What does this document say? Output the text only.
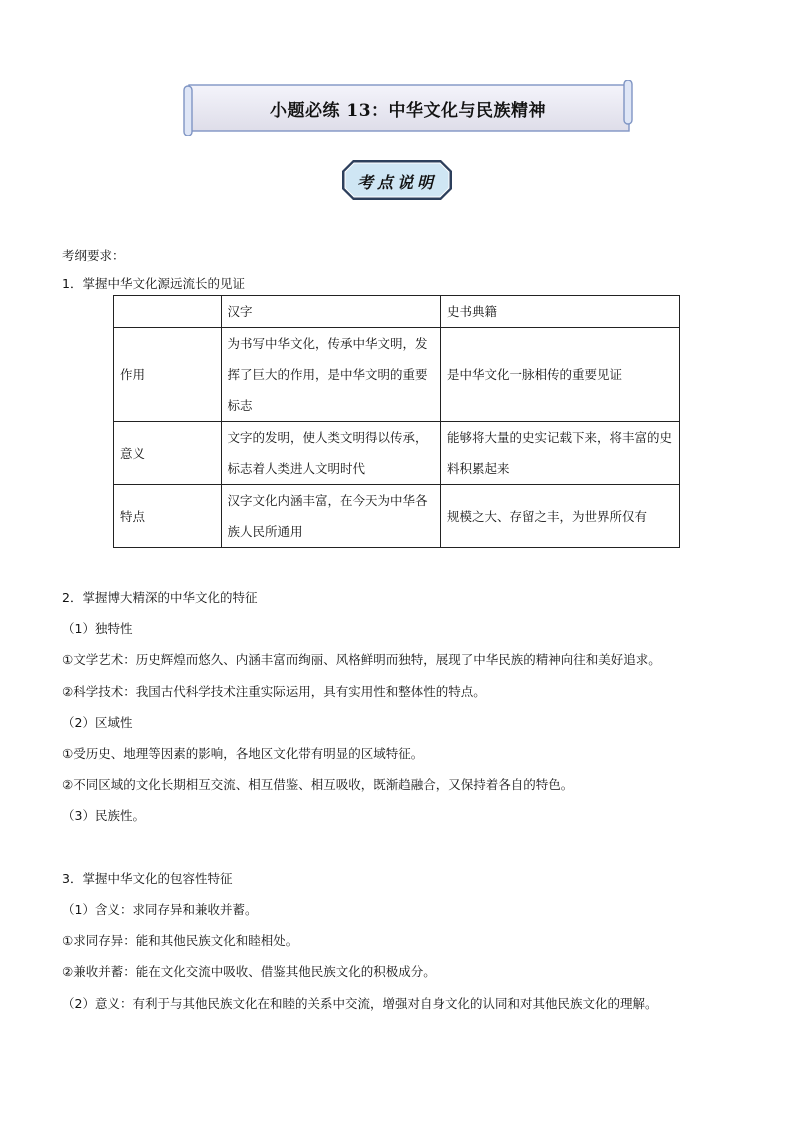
小题必练 13：中华文化与民族精神
考点说明
考纲要求：
1．掌握中华文化源远流长的见证
	汉字	史书典籍
作用	为书写中华文化，传承中华文明，发挥了巨大的作用，是中华文明的重要标志	是中华文化一脉相传的重要见证
意义	文字的发明，使人类文明得以传承，标志着人类进人文明时代	能够将大量的史实记载下来，将丰富的史料积累起来
特点	汉字文化内涵丰富，在今天为中华各族人民所通用	规模之大、存留之丰，为世界所仅有
2．掌握博大精深的中华文化的特征
（1）独特性
①文学艺术：历史辉煌而悠久、内涵丰富而绚丽、风格鲜明而独特，展现了中华民族的精神向往和美好追求。
②科学技术：我国古代科学技术注重实际运用，具有实用性和整体性的特点。
（2）区域性
①受历史、地理等因素的影响，各地区文化带有明显的区域特征。
②不同区域的文化长期相互交流、相互借鉴、相互吸收，既渐趋融合，又保持着各自的特色。
（3）民族性。
3．掌握中华文化的包容性特征
（1）含义：求同存异和兼收并蓄。
①求同存异：能和其他民族文化和睦相处。
②兼收并蓄：能在文化交流中吸收、借鉴其他民族文化的积极成分。
（2）意义：有利于与其他民族文化在和睦的关系中交流，增强对自身文化的认同和对其他民族文化的理解。
